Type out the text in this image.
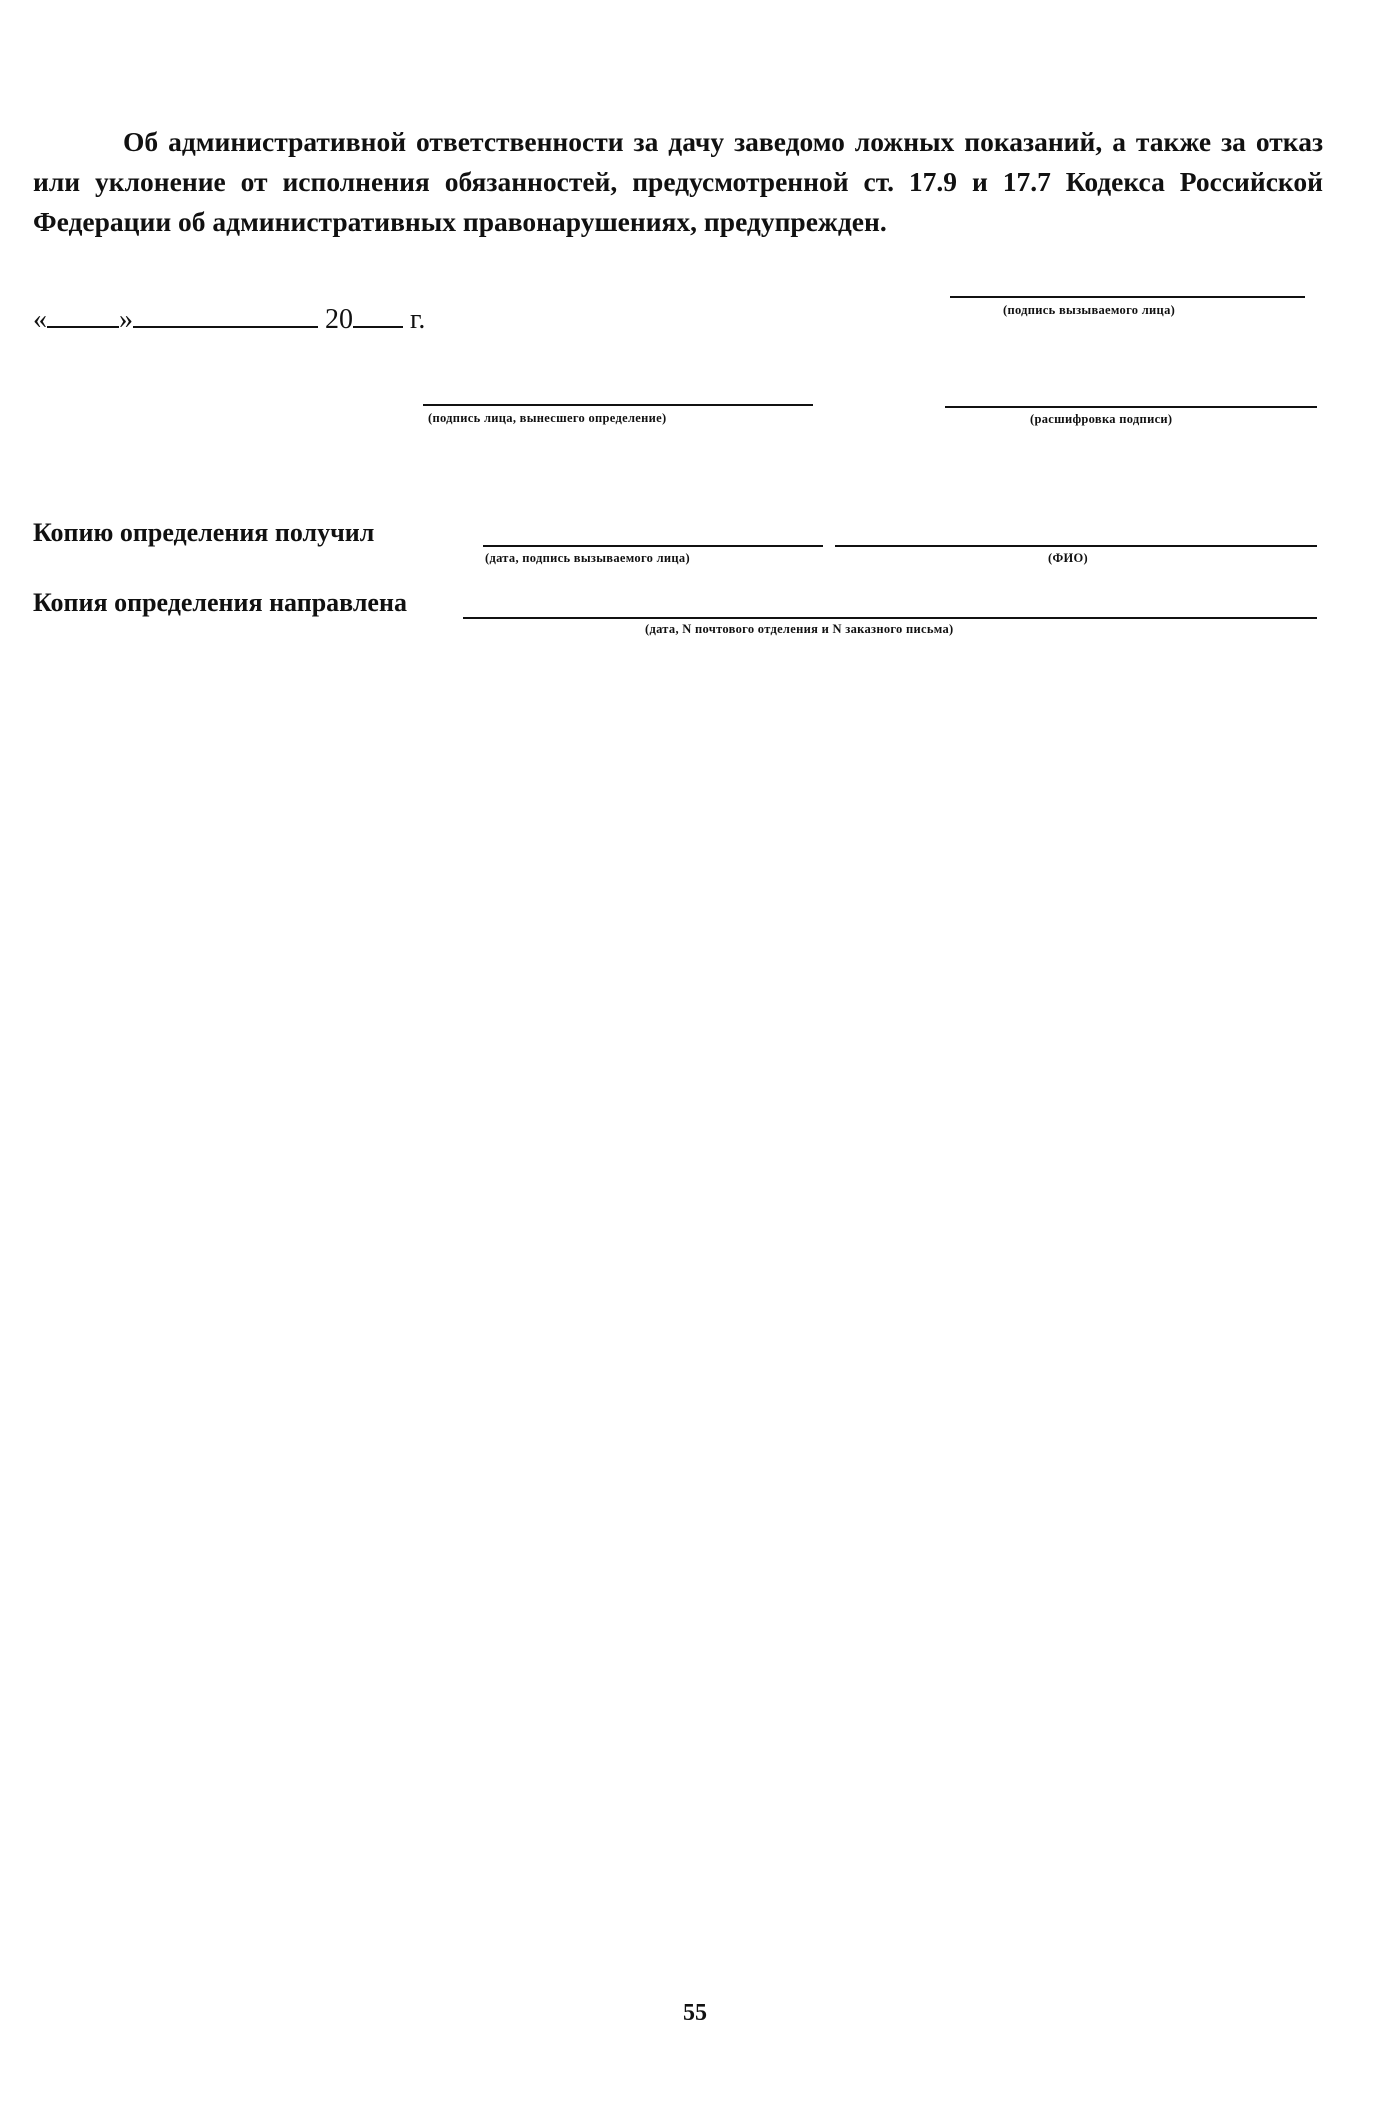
Об административной ответственности за дачу заведомо ложных показаний, а также за отказ или уклонение от исполнения обязанностей, предусмотренной ст. 17.9 и 17.7 Кодекса Российской Федерации об административных правонарушениях, предупрежден.
«	»	20 г.	(подпись вызываемого лица)
(подпись лица, вынесшего определение)	(расшифровка подписи)
Копию определения получил
(дата, подпись вызываемого лица)	(ФИО)
Копия определения направлена
(дата, N почтового отделения и N заказного письма)
55
